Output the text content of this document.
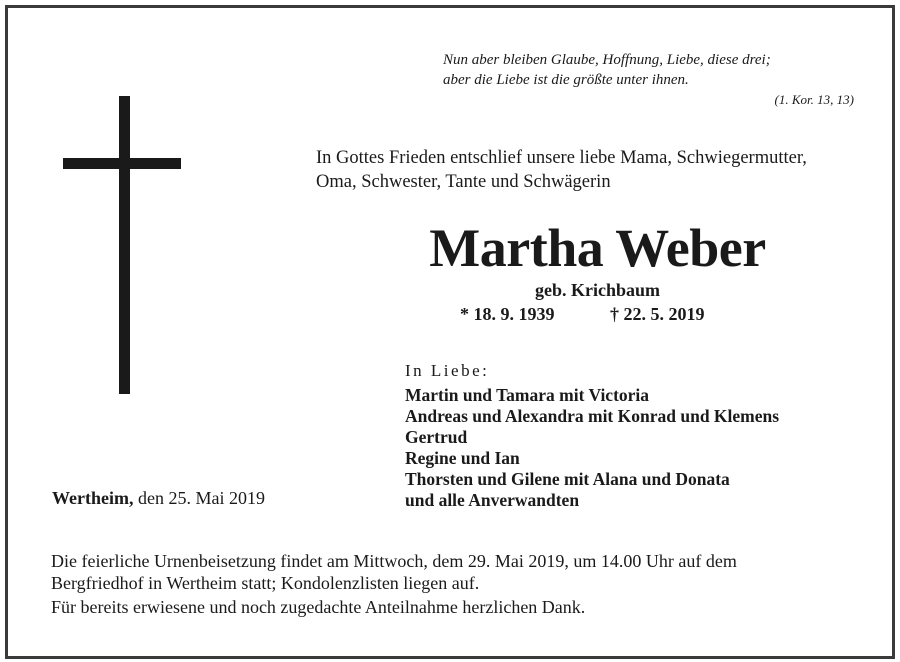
Nun aber bleiben Glaube, Hoffnung, Liebe, diese drei;
aber die Liebe ist die größte unter ihnen.
(1. Kor. 13, 13)
In Gottes Frieden entschlief unsere liebe Mama, Schwiegermutter,
Oma, Schwester, Tante und Schwägerin
Martha Weber
geb. Krichbaum
* 18. 9. 1939	† 22. 5. 2019
In Liebe:
Martin und Tamara mit Victoria
Andreas und Alexandra mit Konrad und Klemens
Gertrud
Regine und Ian
Thorsten und Gilene mit Alana und Donata
und alle Anverwandten
Wertheim, den 25. Mai 2019
Die feierliche Urnenbeisetzung findet am Mittwoch, dem 29. Mai 2019, um 14.00 Uhr auf dem
Bergfriedhof in Wertheim statt; Kondolenzlisten liegen auf.
Für bereits erwiesene und noch zugedachte Anteilnahme herzlichen Dank.
